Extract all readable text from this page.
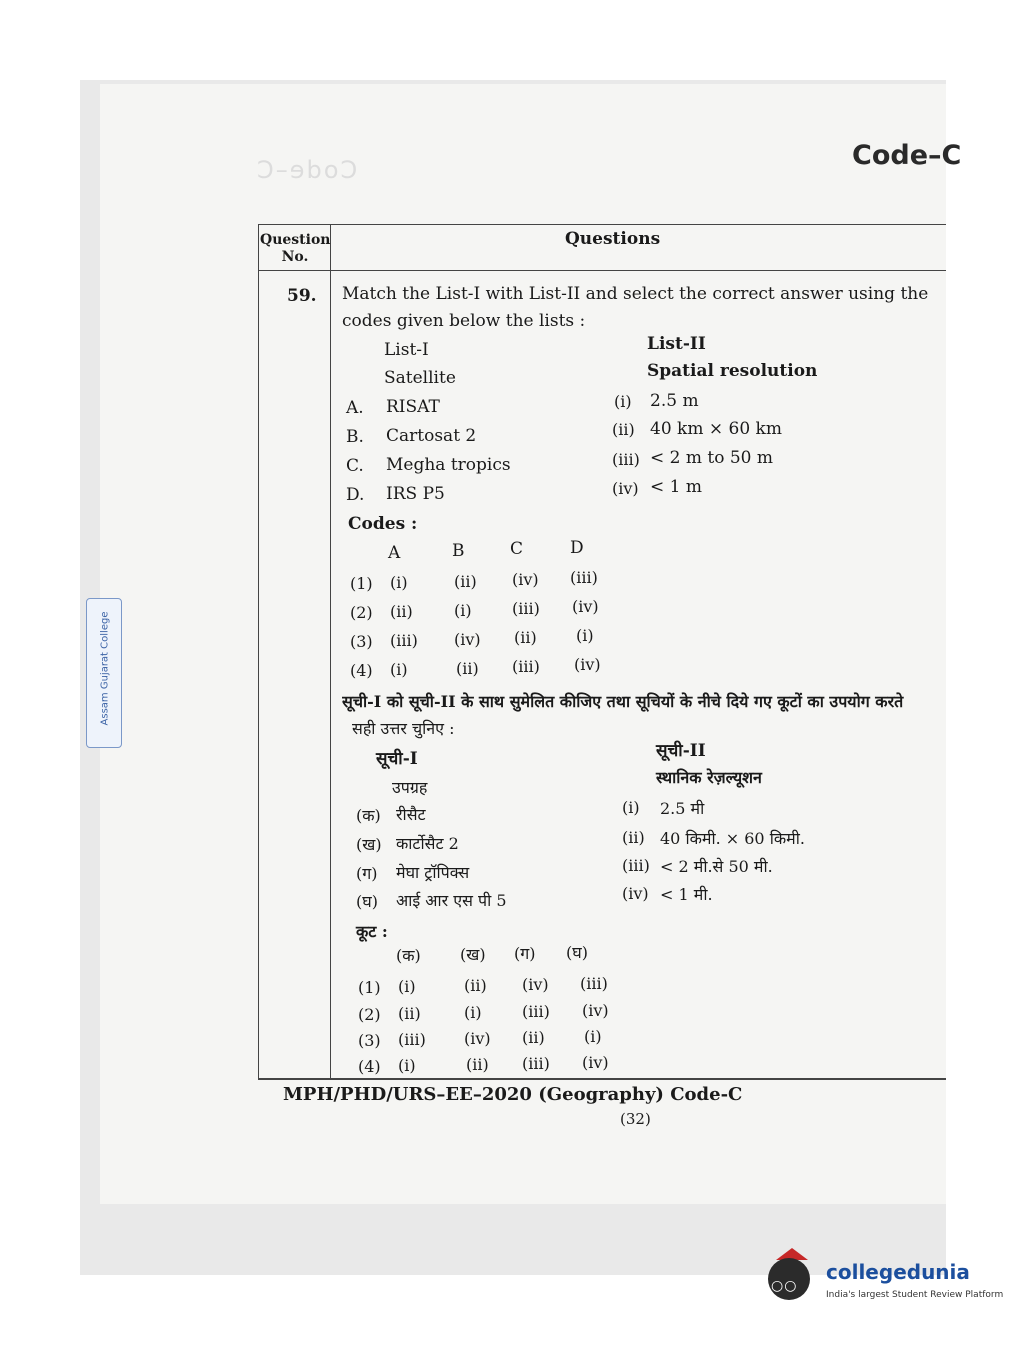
Code–C	Code–C
Question No.
Questions
59. Match the List-I with List-II and select the correct answer using the
codes given below the lists :
List-I	List-II
Satellite	Spatial resolution
A. RISAT
B. Cartosat 2
C. Megha tropics
D. IRS P5
(i) 2.5 m
(ii) 40 km × 60 km
(iii) < 2 m to 50 m
(iv) < 1 m
Codes :
A	B	C	D
(1) (i)	(ii) (iv) (iii)
(2) (ii)	(i)	(iii) (iv)
(3) (iii) (iv) (ii) (i)
(4) (i)	(ii) (iii) (iv)
सूची-I को सूची-II के साथ सुमेलित कीजिए तथा सूचियों के नीचे दिये गए कूटों का उपयोग करते
सही उत्तर चुनिए :
सूची-I	सूची-II
उपग्रह
स्थानिक रेज़ल्यूशन
(क) रीसैट
(ख) कार्टोसैट 2
(ग) मेघा ट्रॉपिक्स
(घ) आई आर एस पी 5
(i) 2.5 मी
(ii) 40 किमी. × 60 किमी.
(iii) < 2 मी.से 50 मी.
(iv) < 1 मी.
कूट :
(क) (ख) (ग) (घ)
(1) (i)	(ii) (iv) (iii)
(2) (ii)	(i)	(iii) (iv)
(3) (iii) (iv) (ii) (i)
(4) (i)	(ii) (iii) (iv)
MPH/PHD/URS–EE–2020 (Geography) Code-C
(32)
Assam Gujarat College
○○
collegedunia
India's largest Student Review Platform
